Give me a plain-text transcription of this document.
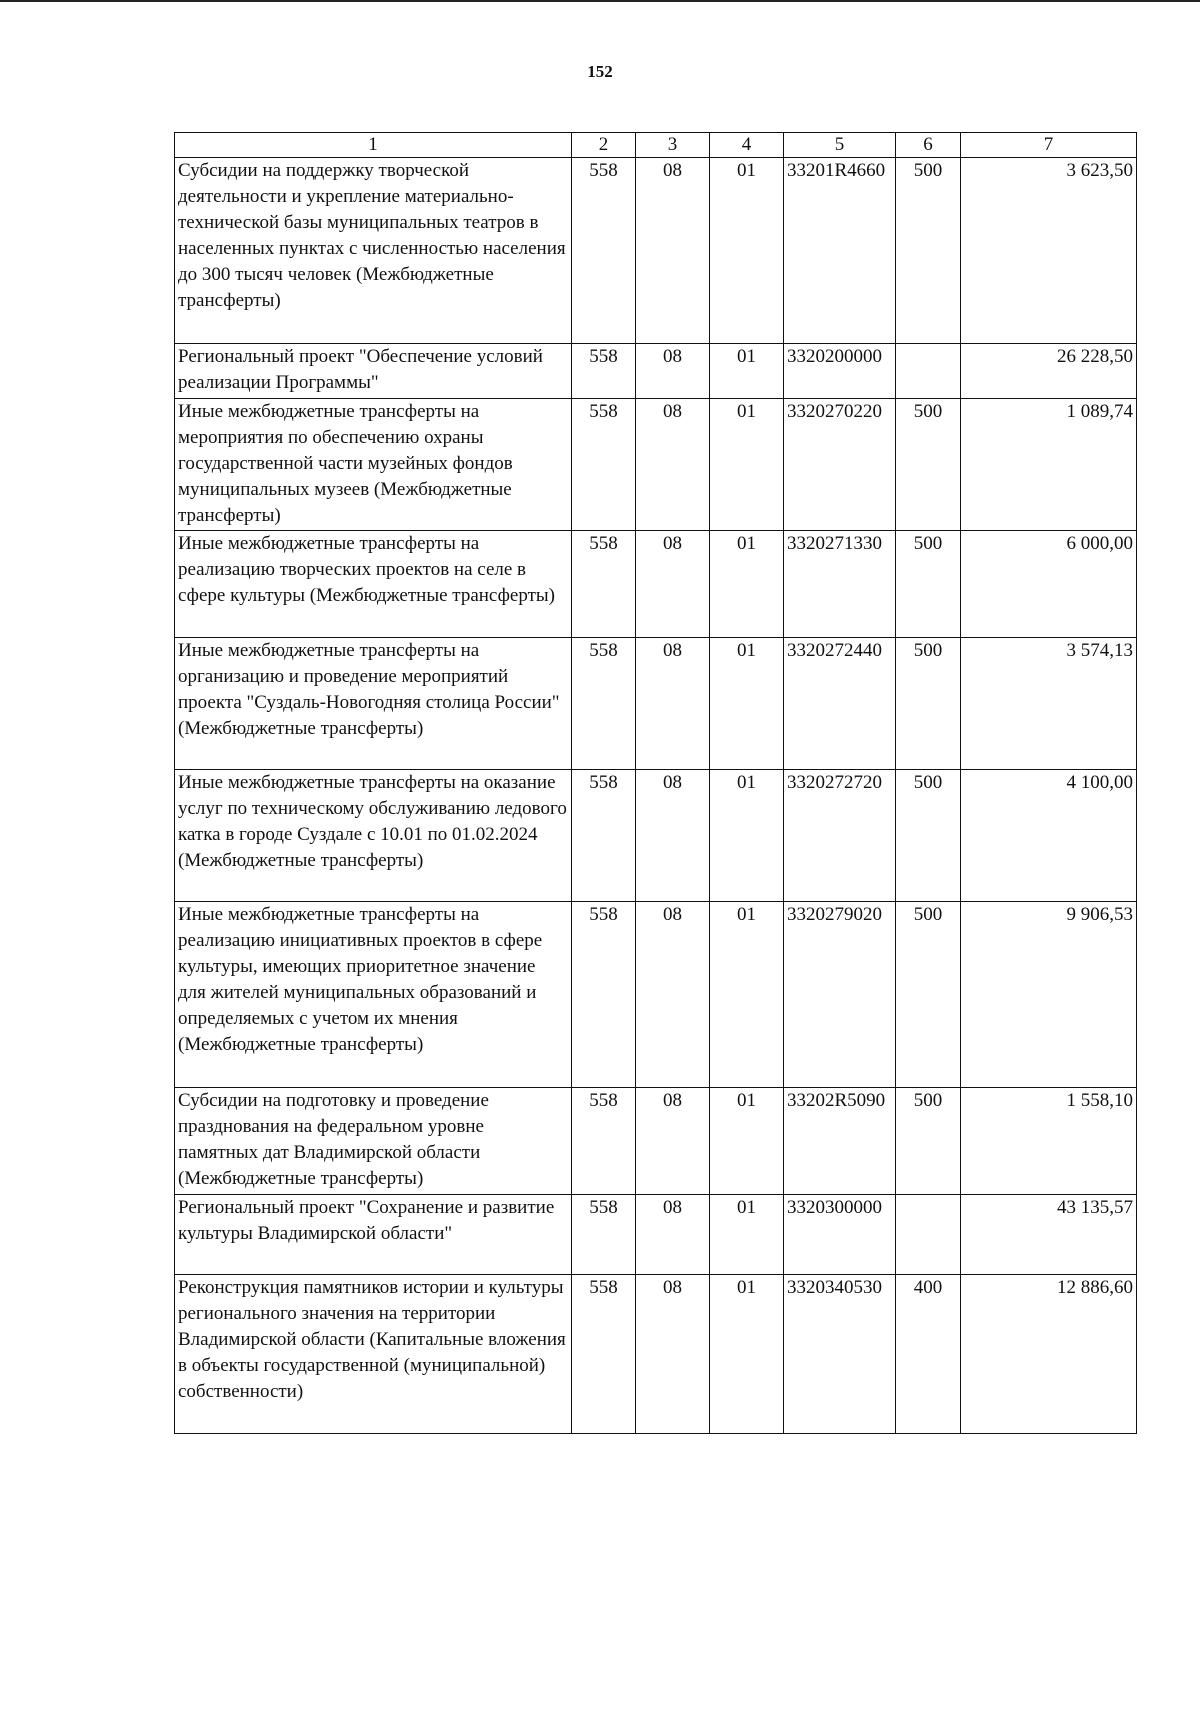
152
1	2	3	4	5	6	7
Субсидии на поддержку творческой деятельности и укрепление материально-технической базы муниципальных театров в населенных пунктах с численностью населения до 300 тысяч человек (Межбюджетные трансферты)	558	08	01	33201R4660	500	3 623,50
Региональный проект "Обеспечение условий реализации Программы"	558	08	01	3320200000		26 228,50
Иные межбюджетные трансферты на мероприятия по обеспечению охраны государственной части музейных фондов муниципальных музеев (Межбюджетные трансферты)	558	08	01	3320270220	500	1 089,74
Иные межбюджетные трансферты на реализацию творческих проектов на селе в сфере культуры (Межбюджетные трансферты)	558	08	01	3320271330	500	6 000,00
Иные межбюджетные трансферты на организацию и проведение мероприятий проекта "Суздаль-Новогодняя столица России" (Межбюджетные трансферты)	558	08	01	3320272440	500	3 574,13
Иные межбюджетные трансферты на оказание услуг по техническому обслуживанию ледового катка в городе Суздале с 10.01 по 01.02.2024 (Межбюджетные трансферты)	558	08	01	3320272720	500	4 100,00
Иные межбюджетные трансферты на реализацию инициативных проектов в сфере культуры, имеющих приоритетное значение для жителей муниципальных образований и определяемых с учетом их мнения (Межбюджетные трансферты)	558	08	01	3320279020	500	9 906,53
Субсидии на подготовку и проведение празднования на федеральном уровне памятных дат Владимирской области (Межбюджетные трансферты)	558	08	01	33202R5090	500	1 558,10
Региональный проект "Сохранение и развитие культуры Владимирской области"	558	08	01	3320300000		43 135,57
Реконструкция памятников истории и культуры регионального значения на территории Владимирской области (Капитальные вложения в объекты государственной (муниципальной) собственности)	558	08	01	3320340530	400	12 886,60
